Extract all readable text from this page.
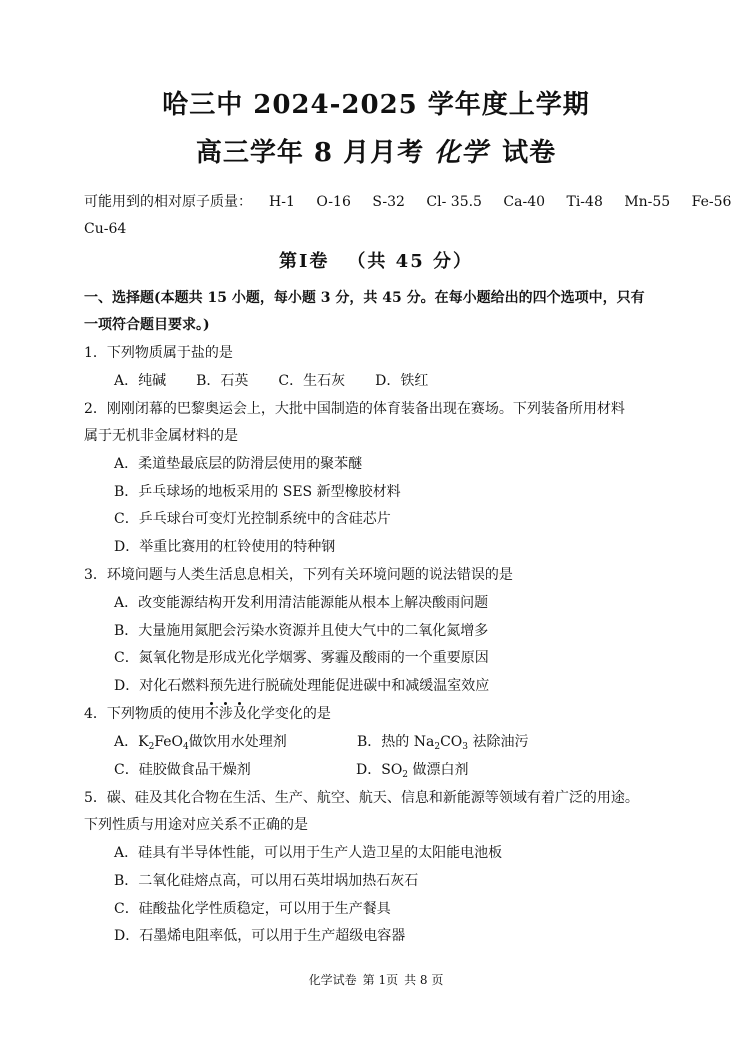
哈三中 2024-2025 学年度上学期
高三学年 8 月月考 化学 试卷
可能用到的相对原子质量： H-1 O-16 S-32 Cl- 35.5 Ca-40 Ti-48 Mn-55 Fe-56
Cu-64
第Ⅰ卷 （共 45 分）
一、选择题(本题共 15 小题，每小题 3 分，共 45 分。在每小题给出的四个选项中，只有
一项符合题目要求。)
1．下列物质属于盐的是
A．纯碱 B．石英 C．生石灰 D．铁红
2．刚刚闭幕的巴黎奥运会上，大批中国制造的体育装备出现在赛场。下列装备所用材料
属于无机非金属材料的是
A．柔道垫最底层的防滑层使用的聚苯醚
B．乒乓球场的地板采用的 SES 新型橡胶材料
C．乒乓球台可变灯光控制系统中的含硅芯片
D．举重比赛用的杠铃使用的特种钢
3．环境问题与人类生活息息相关，下列有关环境问题的说法错误的是
A．改变能源结构开发利用清洁能源能从根本上解决酸雨问题
B．大量施用氮肥会污染水资源并且使大气中的二氧化氮增多
C．氮氧化物是形成光化学烟雾、雾霾及酸雨的一个重要原因
D．对化石燃料预先进行脱硫处理能促进碳中和减缓温室效应
4．下列物质的使用不涉及化学变化的是
A．$K_2FeO_4$做饮用水处理剂	B．热的 $Na_2CO_3$ 祛除油污
C．硅胶做食品干燥剂	D．$SO_2$ 做漂白剂
5．碳、硅及其化合物在生活、生产、航空、航天、信息和新能源等领域有着广泛的用途。
下列性质与用途对应关系不正确的是
A．硅具有半导体性能，可以用于生产人造卫星的太阳能电池板
B．二氧化硅熔点高，可以用石英坩埚加热石灰石
C．硅酸盐化学性质稳定，可以用于生产餐具
D．石墨烯电阻率低，可以用于生产超级电容器
化学试卷 第 1页 共 8 页
